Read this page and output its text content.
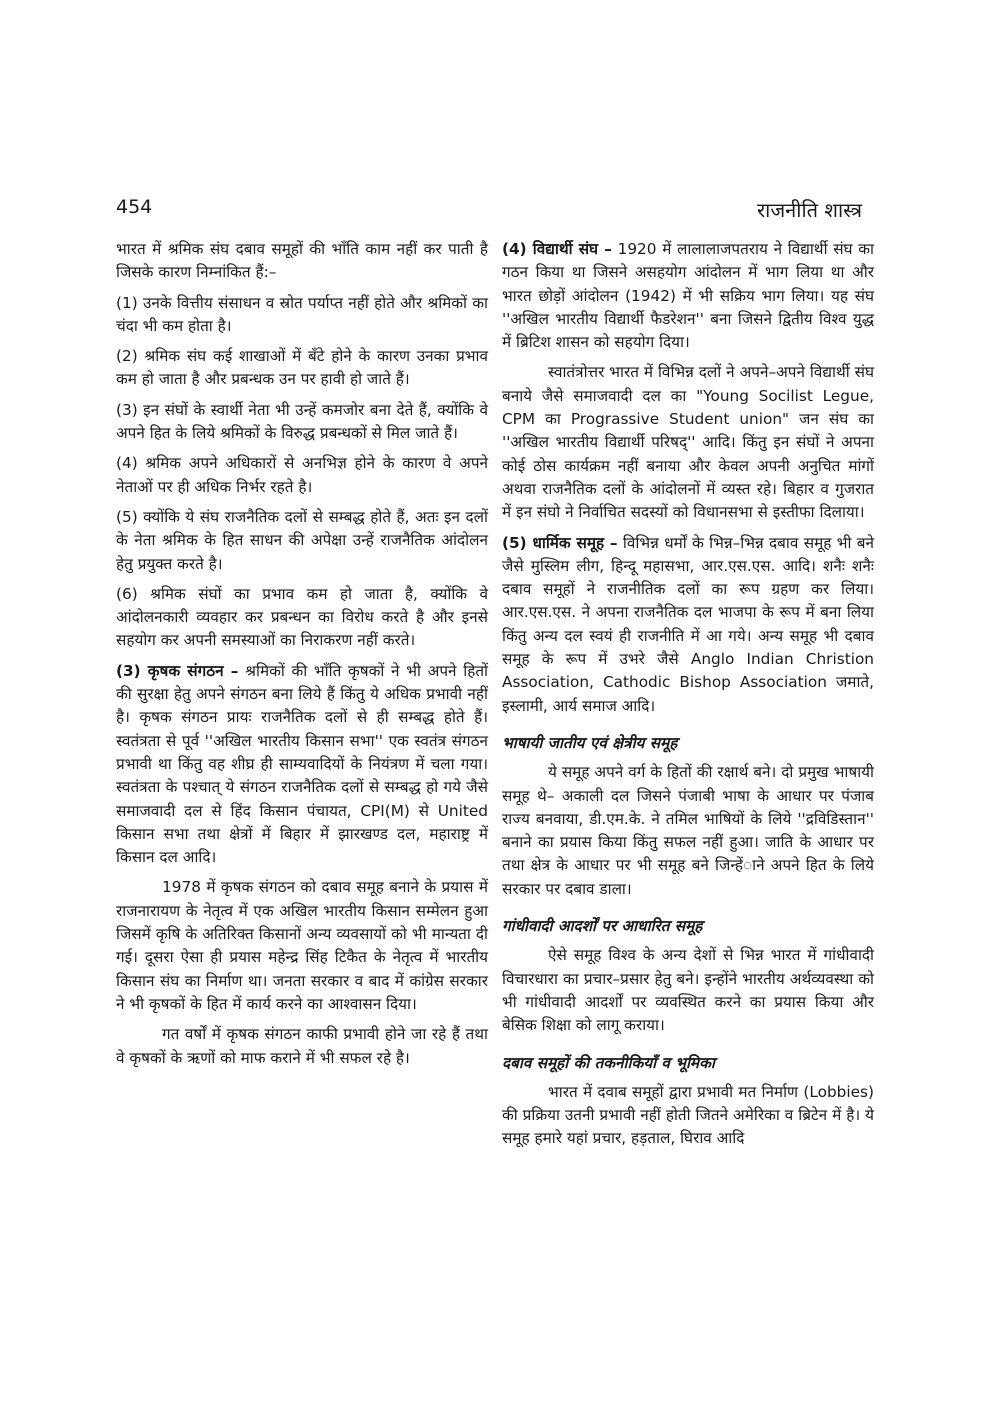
454	राजनीति शास्त्र

भारत में श्रमिक संघ दबाव समूहों की भाँति काम नहीं कर पाती है जिसके कारण निम्नांकित हैं:–

(1) उनके वित्तीय संसाधन व स्रोत पर्याप्त नहीं होते और श्रमिकों का चंदा भी कम होता है।

(2) श्रमिक संघ कई शाखाओं में बँटे होने के कारण उनका प्रभाव कम हो जाता है और प्रबन्धक उन पर हावी हो जाते हैं।

(3) इन संघों के स्वार्थी नेता भी उन्हें कमजोर बना देते हैं, क्योंकि वे अपने हित के लिये श्रमिकों के विरुद्ध प्रबन्धकों से मिल जाते हैं।

(4) श्रमिक अपने अधिकारों से अनभिज्ञ होने के कारण वे अपने नेताओं पर ही अधिक निर्भर रहते है।

(5) क्योंकि ये संघ राजनैतिक दलों से सम्बद्ध होते हैं, अतः इन दलों के नेता श्रमिक के हित साधन की अपेक्षा उन्हें राजनैतिक आंदोलन हेतु प्रयुक्त करते है।

(6) श्रमिक संघों का प्रभाव कम हो जाता है, क्योंकि वे आंदोलनकारी व्यवहार कर प्रबन्धन का विरोध करते है और इनसे सहयोग कर अपनी समस्याओं का निराकरण नहीं करते।

(3) कृषक संगठन – श्रमिकों की भाँति कृषकों ने भी अपने हितों की सुरक्षा हेतु अपने संगठन बना लिये हैं किंतु ये अधिक प्रभावी नहीं है। कृषक संगठन प्रायः राजनैतिक दलों से ही सम्बद्ध होते हैं। स्वतंत्रता से पूर्व ''अखिल भारतीय किसान सभा'' एक स्वतंत्र संगठन प्रभावी था किंतु वह शीघ्र ही साम्यवादियों के नियंत्रण में चला गया। स्वतंत्रता के पश्चात् ये संगठन राजनैतिक दलों से सम्बद्ध हो गये जैसे समाजवादी दल से हिंद किसान पंचायत, CPI(M) से United किसान सभा तथा क्षेत्रों में बिहार में झारखण्ड दल, महाराष्ट्र में किसान दल आदि।

1978 में कृषक संगठन को दबाव समूह बनाने के प्रयास में राजनारायण के नेतृत्व में एक अखिल भारतीय किसान सम्मेलन हुआ जिसमें कृषि के अतिरिक्त किसानों अन्य व्यवसायों को भी मान्यता दी गई। दूसरा ऐसा ही प्रयास महेन्द्र सिंह टिकैत के नेतृत्व में भारतीय किसान संघ का निर्माण था। जनता सरकार व बाद में कांग्रेस सरकार ने भी कृषकों के हित में कार्य करने का आश्वासन दिया।

गत वर्षों में कृषक संगठन काफी प्रभावी होने जा रहे हैं तथा वे कृषकों के ऋणों को माफ कराने में भी सफल रहे है।

(4) विद्यार्थी संघ – 1920 में लालालाजपतराय ने विद्यार्थी संघ का गठन किया था जिसने असहयोग आंदोलन में भाग लिया था और भारत छोड़ों आंदोलन (1942) में भी सक्रिय भाग लिया। यह संघ ''अखिल भारतीय विद्यार्थी फैडरेशन'' बना जिसने द्वितीय विश्व युद्ध में ब्रिटिश शासन को सहयोग दिया।

स्वातंत्रोत्तर भारत में विभिन्न दलों ने अपने–अपने विद्यार्थी संघ बनाये जैसे समाजवादी दल का "Young Socilist Legue, CPM का Prograssive Student union" जन संघ का ''अखिल भारतीय विद्यार्थी परिषद्'' आदि। किंतु इन संघों ने अपना कोई ठोस कार्यक्रम नहीं बनाया और केवल अपनी अनुचित मांगों अथवा राजनैतिक दलों के आंदोलनों में व्यस्त रहे। बिहार व गुजरात में इन संघो ने निर्वाचित सदस्यों को विधानसभा से इस्तीफा दिलाया।

(5) धार्मिक समूह – विभिन्न धर्मों के भिन्न–भिन्न दबाव समूह भी बने जैसे मुस्लिम लीग, हिन्दू महासभा, आर.एस.एस. आदि। शनैः शनैः दबाव समूहों ने राजनीतिक दलों का रूप ग्रहण कर लिया। आर.एस.एस. ने अपना राजनैतिक दल भाजपा के रूप में बना लिया किंतु अन्य दल स्वयं ही राजनीति में आ गये। अन्य समूह भी दबाव समूह के रूप में उभरे जैसे Anglo Indian Christion Association, Cathodic Bishop Association जमाते, इस्लामी, आर्य समाज आदि।

भाषायी जातीय एवं क्षेत्रीय समूह

ये समूह अपने वर्ग के हितों की रक्षार्थ बने। दो प्रमुख भाषायी समूह थे– अकाली दल जिसने पंजाबी भाषा के आधार पर पंजाब राज्य बनवाया, डी.एम.के. ने तमिल भाषियों के लिये ''द्रविडिस्तान'' बनाने का प्रयास किया किंतु सफल नहीं हुआ। जाति के आधार पर तथा क्षेत्र के आधार पर भी समूह बने जिन्हेंाने अपने हित के लिये सरकार पर दबाव डाला।

गांधीवादी आदर्शों पर आधारित समूह

ऐसे समूह विश्व के अन्य देशों से भिन्न भारत में गांधीवादी विचारधारा का प्रचार–प्रसार हेतु बने। इन्होंने भारतीय अर्थव्यवस्था को भी गांधीवादी आदर्शों पर व्यवस्थित करने का प्रयास किया और बेसिक शिक्षा को लागू कराया।

दबाव समूहों की तकनीकियाँ व भूमिका

भारत में दवाब समूहों द्वारा प्रभावी मत निर्माण (Lobbies) की प्रक्रिया उतनी प्रभावी नहीं होती जितने अमेरिका व ब्रिटेन में है। ये समूह हमारे यहां प्रचार, हड़ताल, घिराव आदि
